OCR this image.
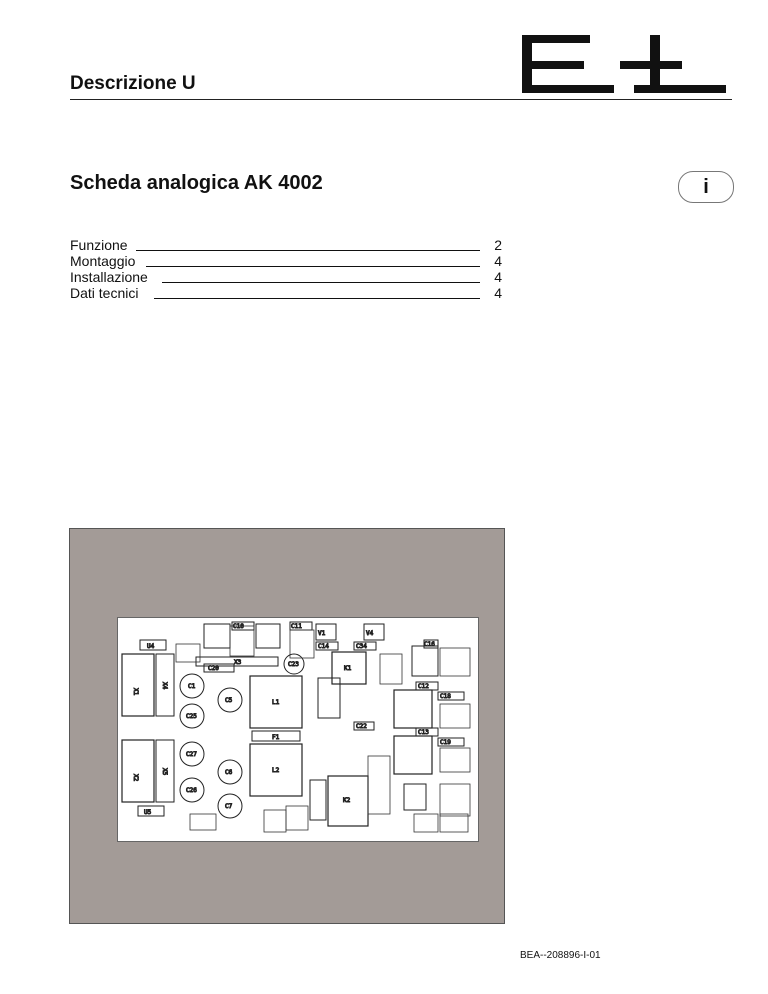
Descrizione U
Scheda analogica AK 4002	i
Funzione	2
Montaggio	4
Installazione	4
Dati tecnici	4
X1
X4
X2
X5
U4
U5
X3
C1
C5
C25
C27
C6
C26
C7
C23
L1
L2
F1
K1
K2
C10	C11
V1	V4
C14	C34	C16
C12
C13
C22
C18
C19
C20
BEA--208896-I-01
